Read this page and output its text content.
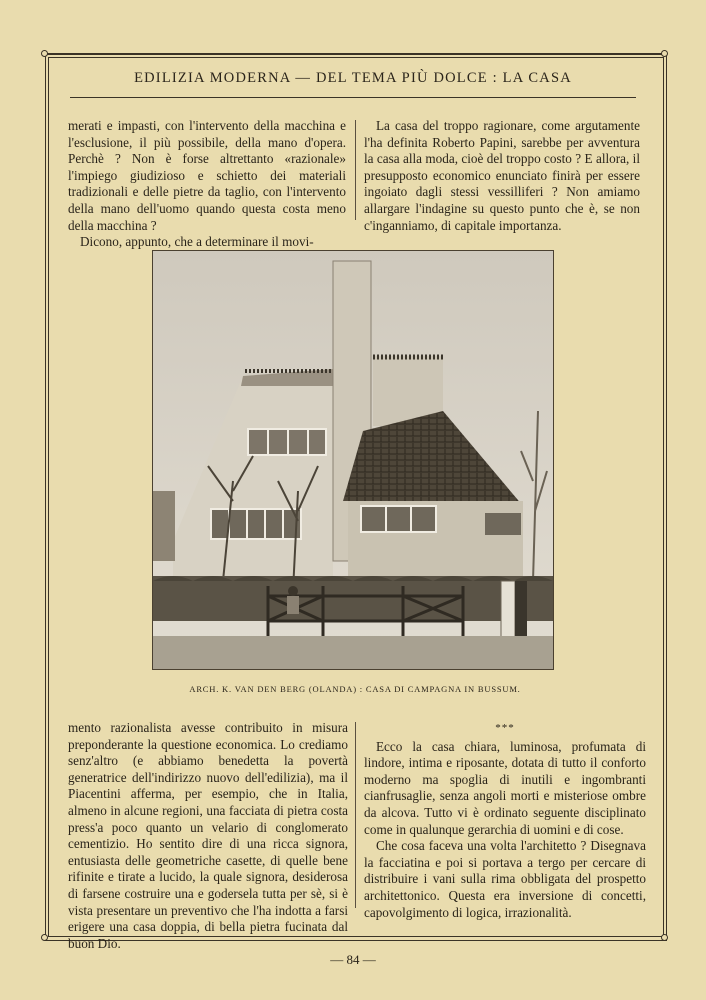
EDILIZIA MODERNA — DEL TEMA PIÙ DOLCE : LA CASA

merati e impasti, con l'intervento della macchina e l'esclusione, il più possibile, della mano d'opera. Perchè ? Non è forse altrettanto «razionale» l'impiego giudizioso e schietto dei materiali tradizionali e delle pietre da taglio, con l'intervento della mano dell'uomo quando questa costa meno della macchina ?

Dicono, appunto, che a determinare il movi-

La casa del troppo ragionare, come argutamente l'ha definita Roberto Papini, sarebbe per avventura la casa alla moda, cioè del troppo costo ? E allora, il presupposto economico enunciato finirà per essere ingoiato dagli stessi vessilliferi ? Non amiamo allargare l'indagine su questo punto che è, se non c'inganniamo, di capitale importanza.

ARCH. K. VAN DEN BERG (OLANDA) : CASA DI CAMPAGNA IN BUSSUM.

mento razionalista avesse contribuito in misura preponderante la questione economica. Lo crediamo senz'altro (e abbiamo benedetta la povertà generatrice dell'indirizzo nuovo dell'edilizia), ma il Piacentini afferma, per esempio, che in Italia, almeno in alcune regioni, una facciata di pietra costa press'a poco quanto un velario di conglomerato cementizio. Ho sentito dire di una ricca signora, entusiasta delle geometriche casette, di quelle bene rifinite e tirate a lucido, la quale signora, desiderosa di farsene costruire una e godersela tutta per sè, si è vista presentare un preventivo che l'ha indotta a farsi erigere una casa doppia, di bella pietra fucinata dal buon Dio.

***

Ecco la casa chiara, luminosa, profumata di lindore, intima e riposante, dotata di tutto il conforto moderno ma spoglia di inutili e ingombranti cianfrusaglie, senza angoli morti e misteriose ombre da alcova. Tutto vi è ordinato seguente disciplinato come in qualunque gerarchia di uomini e di cose.

Che cosa faceva una volta l'architetto ? Disegnava la facciatina e poi si portava a tergo per cercare di distribuire i vani sulla rima obbligata del prospetto architettonico. Questa era inversione di concetti, capovolgimento di logica, irrazionalità.

— 84 —
